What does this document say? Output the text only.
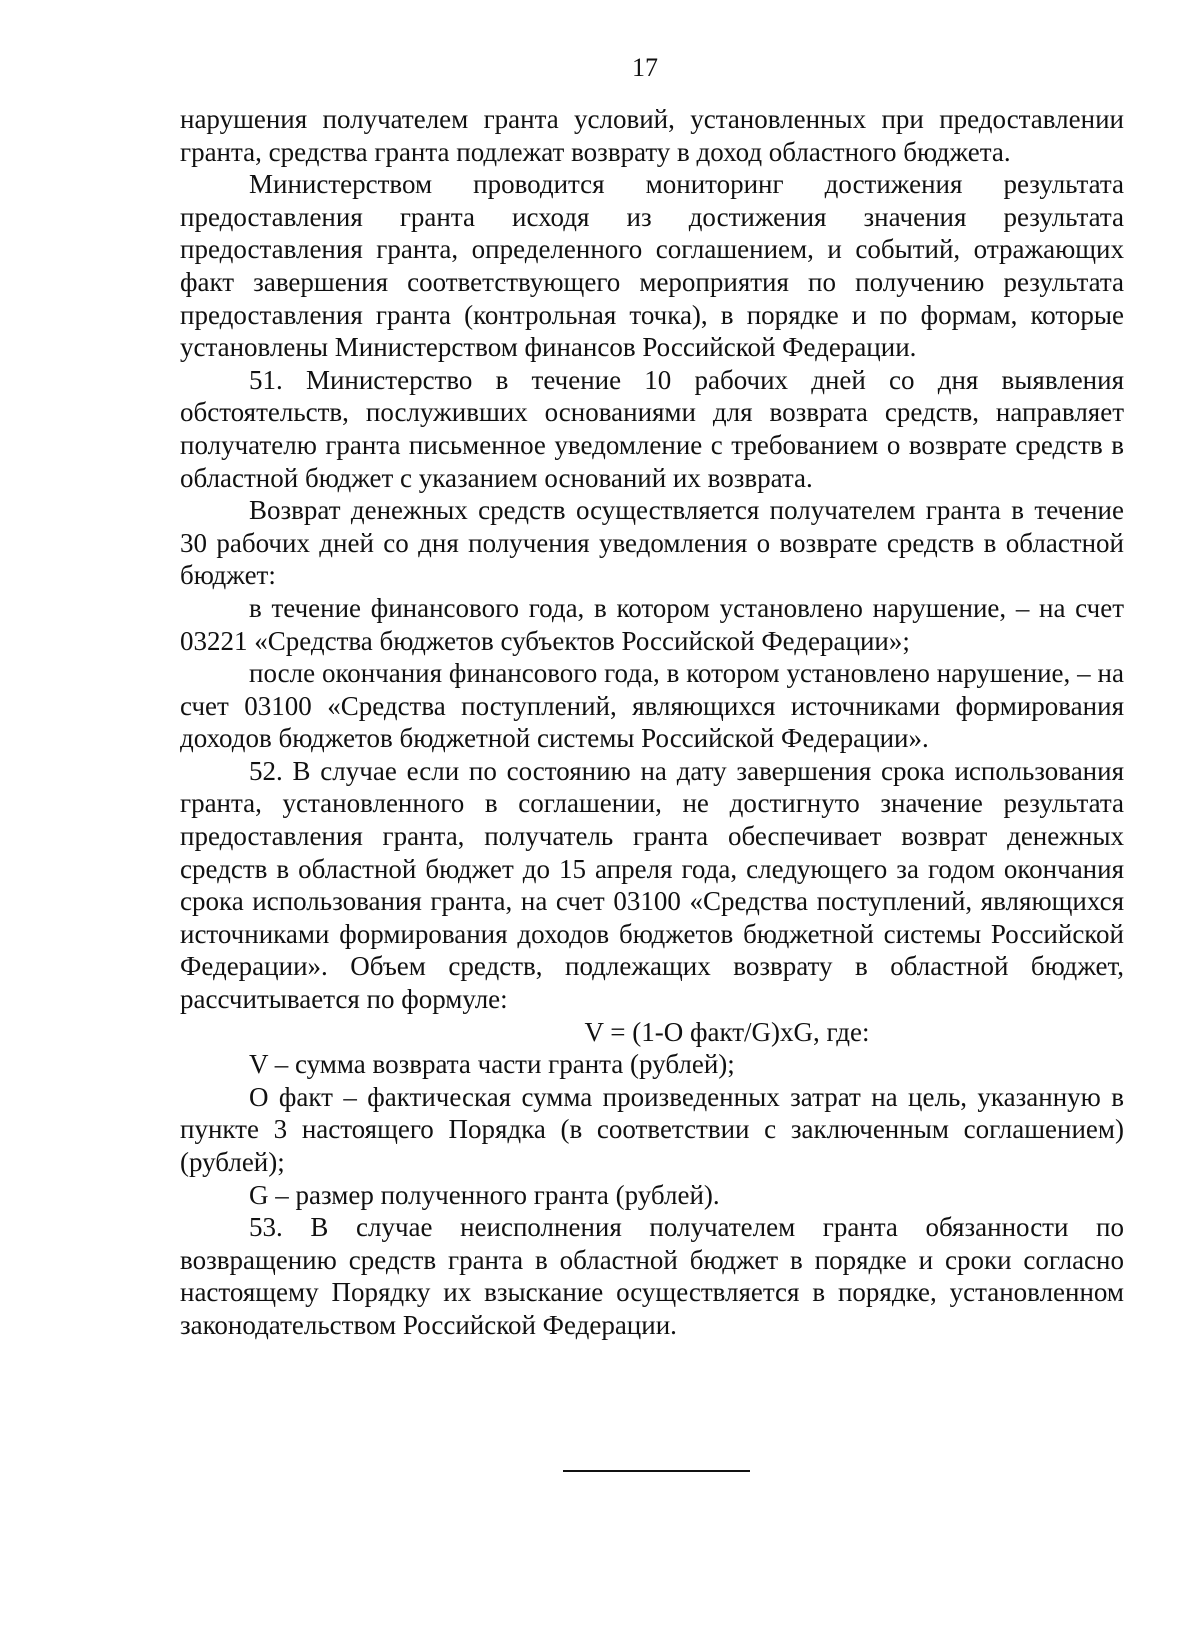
17

нарушения получателем гранта условий, установленных при предоставлении гранта, средства гранта подлежат возврату в доход областного бюджета.

Министерством проводится мониторинг достижения результата предоставления гранта исходя из достижения значения результата предоставления гранта, определенного соглашением, и событий, отражающих факт завершения соответствующего мероприятия по получению результата предоставления гранта (контрольная точка), в порядке и по формам, которые установлены Министерством финансов Российской Федерации.

51. Министерство в течение 10 рабочих дней со дня выявления обстоятельств, послуживших основаниями для возврата средств, направляет получателю гранта письменное уведомление с требованием о возврате средств в областной бюджет с указанием оснований их возврата.

Возврат денежных средств осуществляется получателем гранта в течение 30 рабочих дней со дня получения уведомления о возврате средств в областной бюджет:

в течение финансового года, в котором установлено нарушение, – на счет 03221 «Средства бюджетов субъектов Российской Федерации»;

после окончания финансового года, в котором установлено нарушение, – на счет 03100 «Средства поступлений, являющихся источниками формирования доходов бюджетов бюджетной системы Российской Федерации».

52. В случае если по состоянию на дату завершения срока использования гранта, установленного в соглашении, не достигнуто значение результата предоставления гранта, получатель гранта обеспечивает возврат денежных средств в областной бюджет до 15 апреля года, следующего за годом окончания срока использования гранта, на счет 03100 «Средства поступлений, являющихся источниками формирования доходов бюджетов бюджетной системы Российской Федерации». Объем средств, подлежащих возврату в областной бюджет, рассчитывается по формуле:

V = (1-О факт/G)xG, где:

V – сумма возврата части гранта (рублей);

О факт – фактическая сумма произведенных затрат на цель, указанную в пункте 3 настоящего Порядка (в соответствии с заключенным соглашением) (рублей);

G – размер полученного гранта (рублей).

53. В случае неисполнения получателем гранта обязанности по возвращению средств гранта в областной бюджет в порядке и сроки согласно настоящему Порядку их взыскание осуществляется в порядке, установленном законодательством Российской Федерации.
